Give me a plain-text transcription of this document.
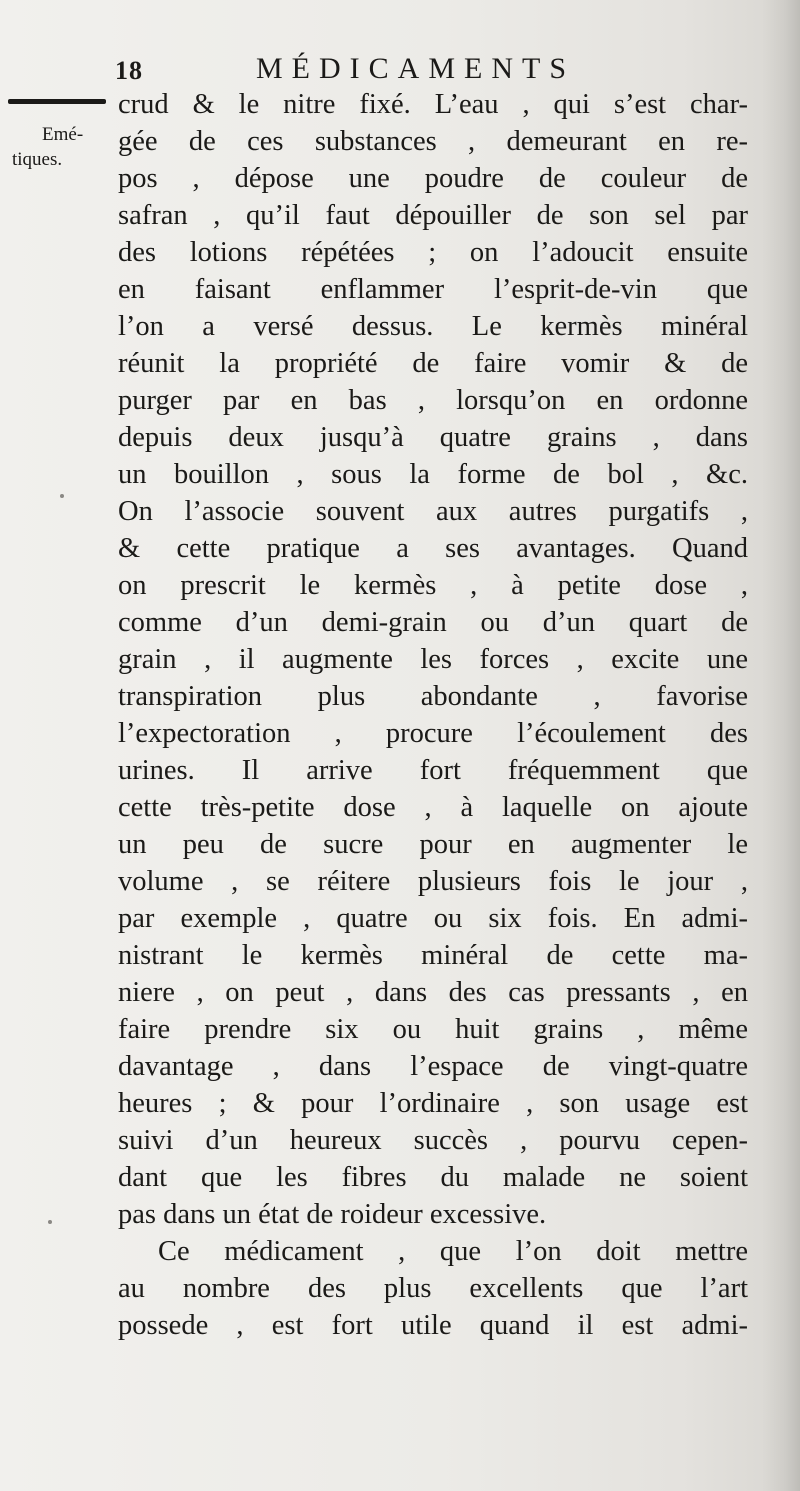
18	MÉDICAMENTS
Emé-
tiques.
crud & le nitre fixé. L’eau , qui s’est char-
gée de ces substances , demeurant en re-
pos , dépose une poudre de couleur de
safran , qu’il faut dépouiller de son sel par
des lotions répétées ; on l’adoucit ensuite
en faisant enflammer l’esprit-de-vin que
l’on a versé dessus. Le kermès minéral
réunit la propriété de faire vomir & de
purger par en bas , lorsqu’on en ordonne
depuis deux jusqu’à quatre grains , dans
un bouillon , sous la forme de bol , &c.
On l’associe souvent aux autres purgatifs ,
& cette pratique a ses avantages. Quand
on prescrit le kermès , à petite dose ,
comme d’un demi-grain ou d’un quart de
grain , il augmente les forces , excite une
transpiration plus abondante , favorise
l’expectoration , procure l’écoulement des
urines. Il arrive fort fréquemment que
cette très-petite dose , à laquelle on ajoute
un peu de sucre pour en augmenter le
volume , se réitere plusieurs fois le jour ,
par exemple , quatre ou six fois. En admi-
nistrant le kermès minéral de cette ma-
niere , on peut , dans des cas pressants , en
faire prendre six ou huit grains , même
davantage , dans l’espace de vingt-quatre
heures ; & pour l’ordinaire , son usage est
suivi d’un heureux succès , pourvu cepen-
dant que les fibres du malade ne soient
pas dans un état de roideur excessive.
Ce médicament , que l’on doit mettre
au nombre des plus excellents que l’art
possede , est fort utile quand il est admi-
